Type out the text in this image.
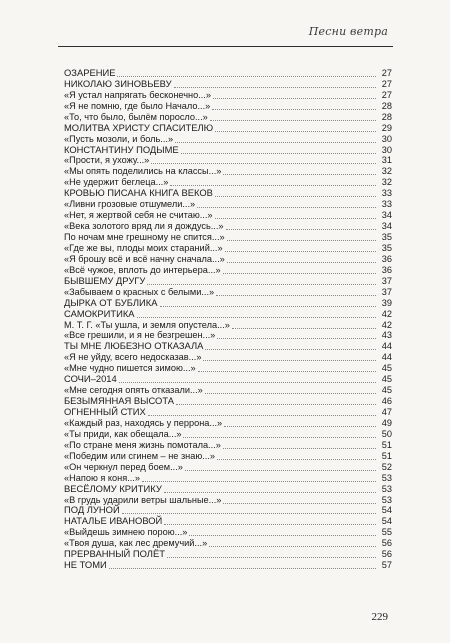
Песни ветра
ОЗАРЕНИЕ	27
НИКОЛАЮ ЗИНОВЬЕВУ	27
«Я устал напрягать бесконечно...»	27
«Я не помню, где было Начало...»	28
«То, что было, былём поросло...»	28
МОЛИТВА ХРИСТУ СПАСИТЕЛЮ	29
«Пусть мозоли, и боль...»	30
КОНСТАНТИНУ ПОДЫМЕ	30
«Прости, я ухожу...»	31
«Мы опять поделились на классы...»	32
«Не удержит беглеца...»	32
КРОВЬЮ ПИСАНА КНИГА ВЕКОВ	33
«Ливни грозовые отшумели...»	33
«Нет, я жертвой себя не считаю...»	34
«Века золотого вряд ли я дождусь...»	34
По ночам мне грешному не спится...»	35
«Где же вы, плоды моих стараний...»	35
«Я брошу всё и всё начну сначала...»	36
«Всё чужое, вплоть до интерьера...»	36
БЫВШЕМУ ДРУГУ	37
«Забываем о красных с белыми...»	37
ДЫРКА ОТ БУБЛИКА	39
САМОКРИТИКА	42
М. Т. Г. «Ты ушла, и земля опустела...»	42
«Все грешили, и я не безгрешен...»	43
ТЫ МНЕ ЛЮБЕЗНО ОТКАЗАЛА	44
«Я не уйду, всего недосказав...»	44
«Мне чудно пишется зимою...»	45
СОЧИ–2014	45
«Мне сегодня опять отказали...»	45
БЕЗЫМЯННАЯ ВЫСОТА	46
ОГНЕННЫЙ СТИХ	47
«Каждый раз, находясь у перрона...»	49
«Ты приди, как обещала...»	50
«По стране меня жизнь помотала...»	51
«Победим или сгинем – не знаю...»	51
«Он черкнул перед боем...»	52
«Напою я коня...»	53
ВЕСЁЛОМУ КРИТИКУ	53
«В грудь ударили ветры шальные...»	53
ПОД ЛУНОЙ	54
НАТАЛЬЕ ИВАНОВОЙ	54
«Выйдешь зимнею порою...»	55
«Твоя душа, как лес дремучий...»	56
ПРЕРВАННЫЙ ПОЛЁТ	56
НЕ ТОМИ	57
229
